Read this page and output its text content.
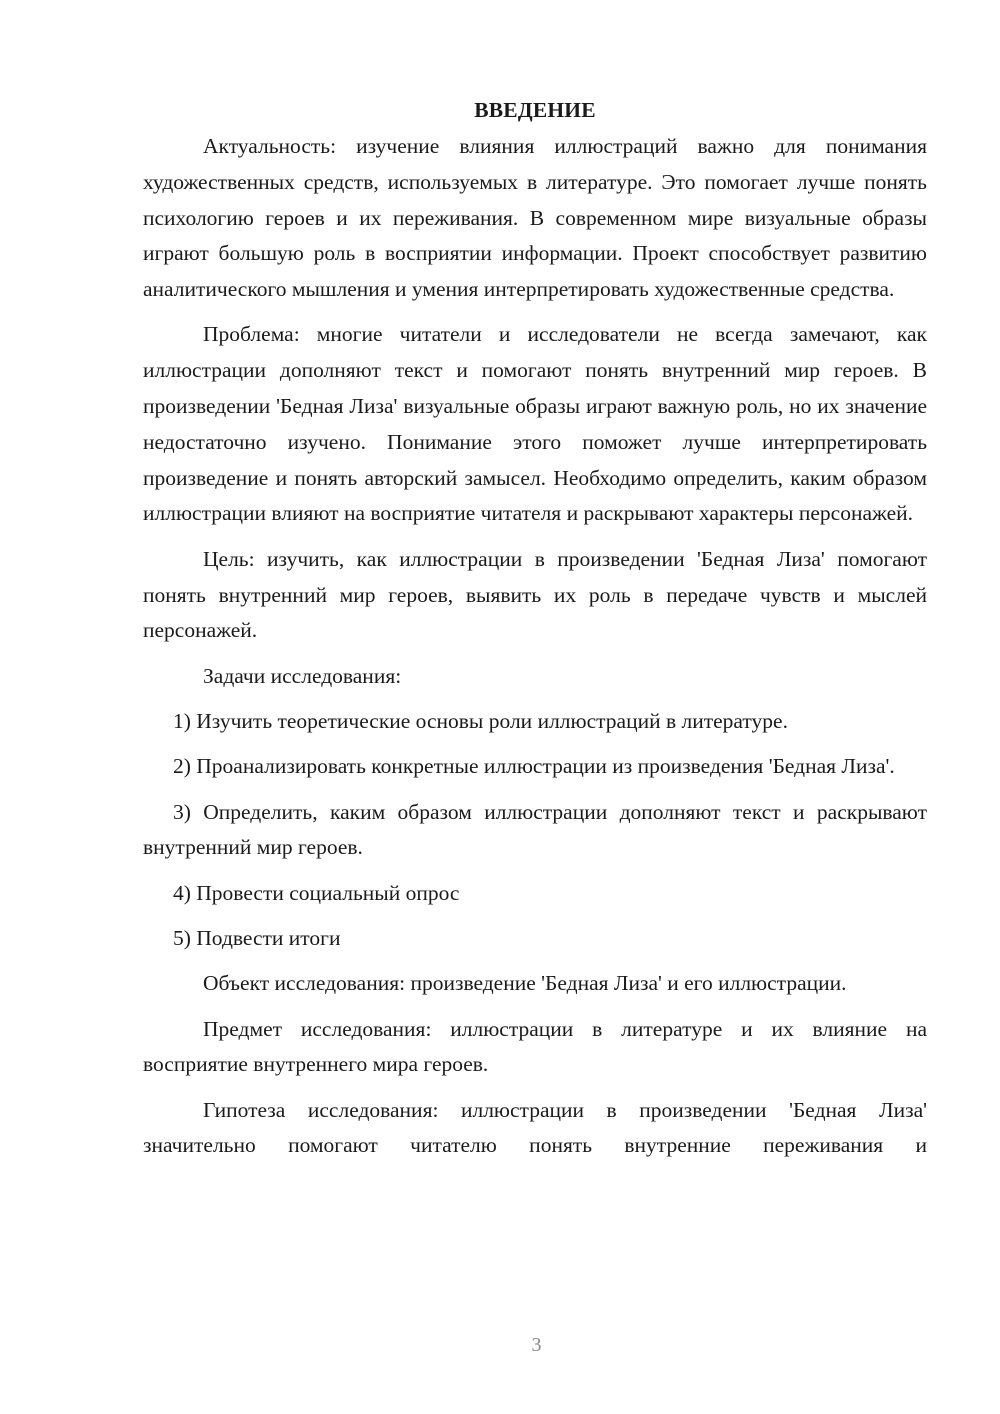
ВВЕДЕНИЕ

Актуальность: изучение влияния иллюстраций важно для понимания художественных средств, используемых в литературе. Это помогает лучше понять психологию героев и их переживания. В современном мире визуальные образы играют большую роль в восприятии информации. Проект способствует развитию аналитического мышления и умения интерпретировать художественные средства.

Проблема: многие читатели и исследователи не всегда замечают, как иллюстрации дополняют текст и помогают понять внутренний мир героев. В произведении 'Бедная Лиза' визуальные образы играют важную роль, но их значение недостаточно изучено. Понимание этого поможет лучше интерпретировать произведение и понять авторский замысел. Необходимо определить, каким образом иллюстрации влияют на восприятие читателя и раскрывают характеры персонажей.

Цель: изучить, как иллюстрации в произведении 'Бедная Лиза' помогают понять внутренний мир героев, выявить их роль в передаче чувств и мыслей персонажей.

Задачи исследования:

1) Изучить теоретические основы роли иллюстраций в литературе.

2) Проанализировать конкретные иллюстрации из произведения 'Бедная Лиза'.

3) Определить, каким образом иллюстрации дополняют текст и раскрывают внутренний мир героев.

4) Провести социальный опрос

5) Подвести итоги

Объект исследования: произведение 'Бедная Лиза' и его иллюстрации.

Предмет исследования: иллюстрации в литературе и их влияние на восприятие внутреннего мира героев.

Гипотеза исследования: иллюстрации в произведении 'Бедная Лиза' значительно помогают читателю понять внутренние переживания и

3
